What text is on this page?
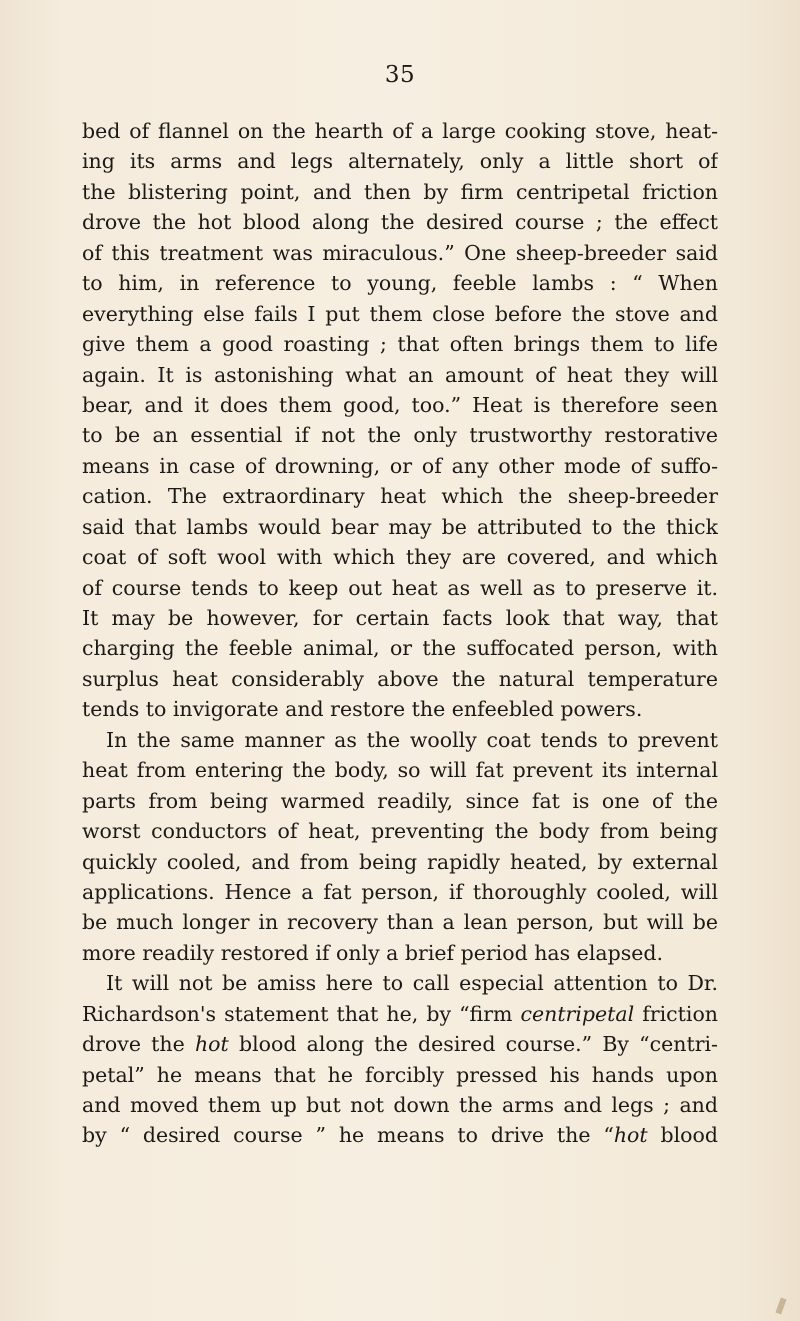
35
bed of flannel on the hearth of a large cooking stove, heat-
ing its arms and legs alternately, only a little short of
the blistering point, and then by firm centripetal friction
drove the hot blood along the desired course ; the effect
of this treatment was miraculous.” One sheep-breeder said
to him, in reference to young, feeble lambs : “ When
everything else fails I put them close before the stove and
give them a good roasting ; that often brings them to life
again. It is astonishing what an amount of heat they will
bear, and it does them good, too.” Heat is therefore seen
to be an essential if not the only trustworthy restorative
means in case of drowning, or of any other mode of suffo-
cation. The extraordinary heat which the sheep-breeder
said that lambs would bear may be attributed to the thick
coat of soft wool with which they are covered, and which
of course tends to keep out heat as well as to preserve it.
It may be however, for certain facts look that way, that
charging the feeble animal, or the suffocated person, with
surplus heat considerably above the natural temperature
tends to invigorate and restore the enfeebled powers.
In the same manner as the woolly coat tends to prevent
heat from entering the body, so will fat prevent its internal
parts from being warmed readily, since fat is one of the
worst conductors of heat, preventing the body from being
quickly cooled, and from being rapidly heated, by external
applications. Hence a fat person, if thoroughly cooled, will
be much longer in recovery than a lean person, but will be
more readily restored if only a brief period has elapsed.
It will not be amiss here to call especial attention to Dr.
Richardson's statement that he, by “firm centripetal friction
drove the hot blood along the desired course.” By “centri-
petal” he means that he forcibly pressed his hands upon
and moved them up but not down the arms and legs ; and
by “ desired course ” he means to drive the “hot blood
